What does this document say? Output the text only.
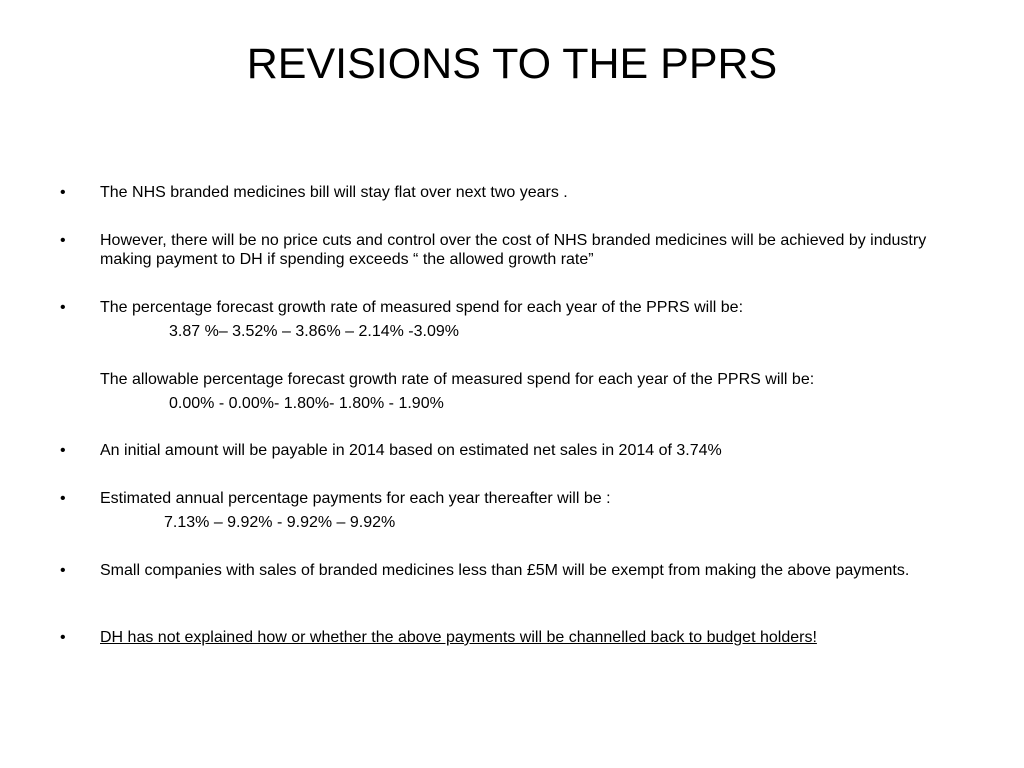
REVISIONS TO THE PPRS
•	The NHS branded medicines bill will stay flat over next two years .
•	However, there will be no price cuts and control over the cost of NHS branded medicines will be achieved by industry making payment to DH if spending exceeds “ the allowed growth rate”
•	The percentage forecast growth rate of measured spend for each year of the PPRS will be:
3.87 %– 3.52% – 3.86% – 2.14% -3.09%
The allowable percentage forecast growth rate of measured spend for each year of the PPRS will be:
0.00% - 0.00%- 1.80%- 1.80% - 1.90%
•	An initial amount will be payable in 2014 based on estimated net sales in 2014 of 3.74%
•	Estimated annual percentage payments for each year thereafter will be :
7.13% – 9.92% - 9.92% – 9.92%
•	Small companies with sales of branded medicines less than £5M will be exempt from making the above payments.
•	DH has not explained how or whether the above payments will be channelled back to budget holders!
